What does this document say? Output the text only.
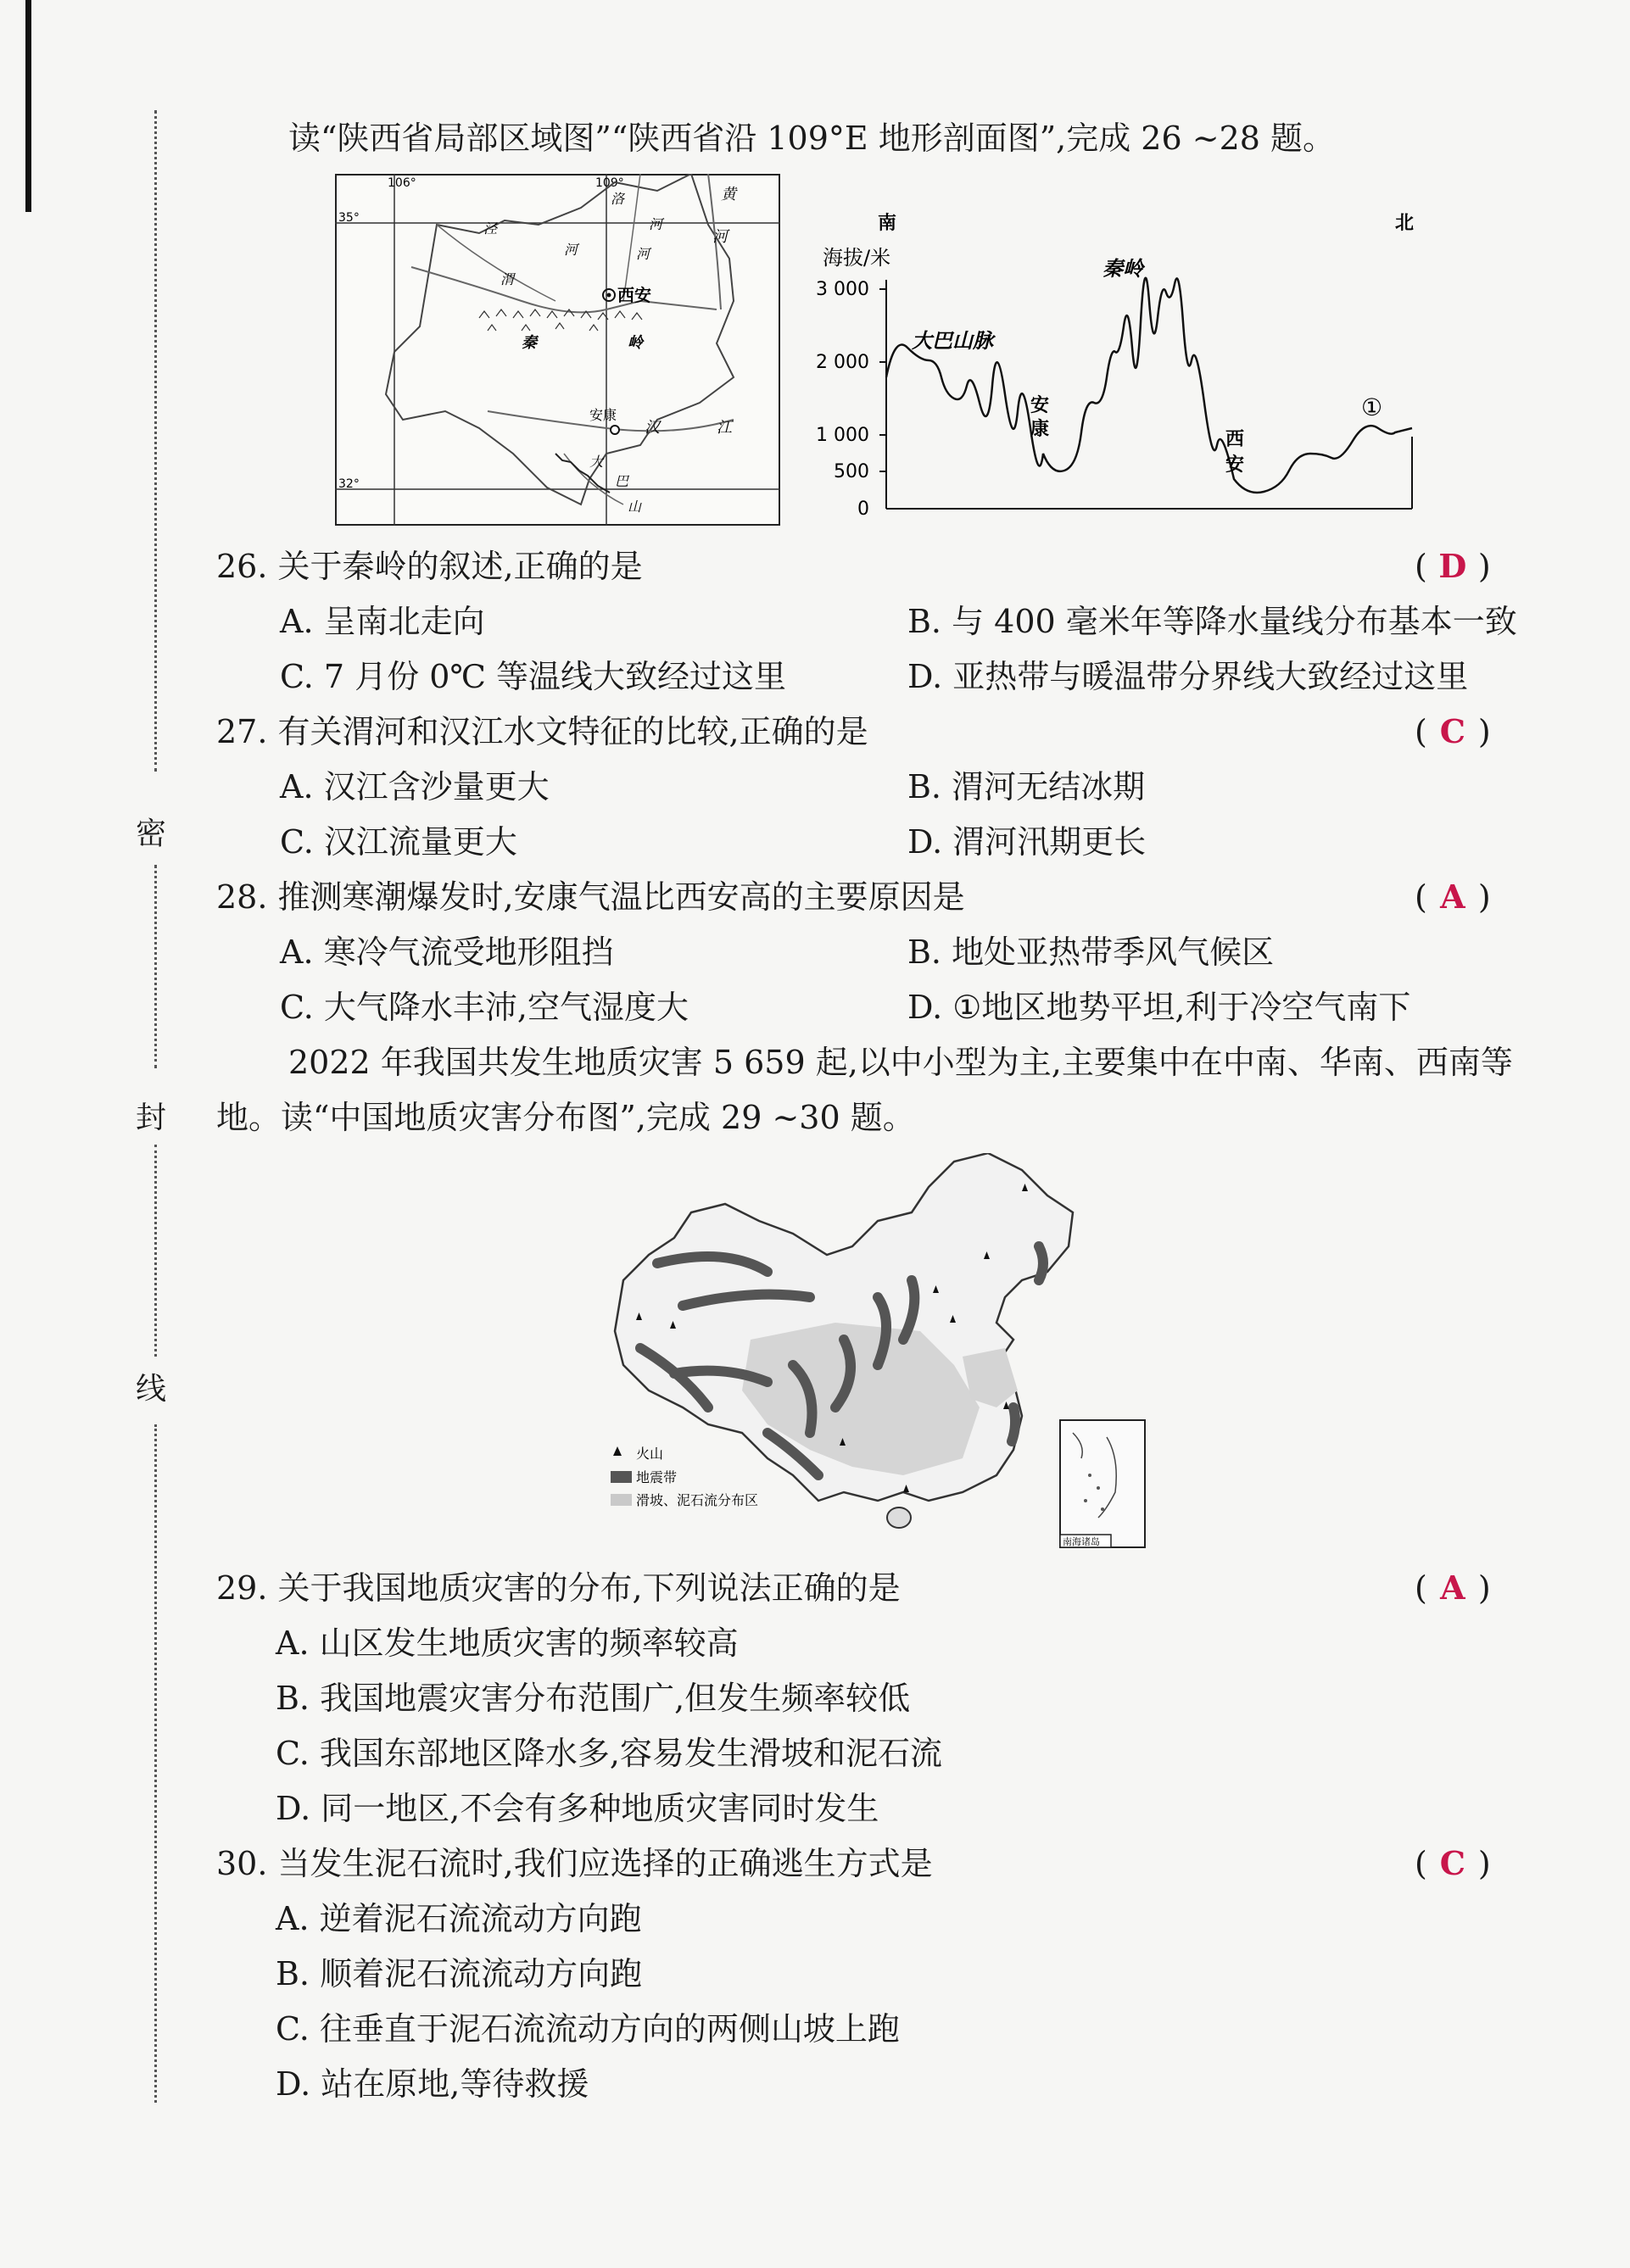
密
封
线
读“陕西省局部区域图”“陕西省沿 109°E 地形剖面图”,完成 26 ~28 题。
106°	109°
35°
32°
洛
河
黄
河
泾
河
渭
河
西安
秦	岭
安康
汉	江
大
巴
山
南	北
海拔/米
3 000
2 000
1 000
500
0
大巴山脉
秦岭
安
康	西
安
①
26. 关于秦岭的叙述,正确的是	( D )
A. 呈南北走向	B. 与 400 毫米年等降水量线分布基本一致
C. 7 月份 0℃ 等温线大致经过这里	D. 亚热带与暖温带分界线大致经过这里
27. 有关渭河和汉江水文特征的比较,正确的是	( C )
A. 汉江含沙量更大	B. 渭河无结冰期
C. 汉江流量更大	D. 渭河汛期更长
28. 推测寒潮爆发时,安康气温比西安高的主要原因是	( A )
A. 寒冷气流受地形阻挡	B. 地处亚热带季风气候区
C. 大气降水丰沛,空气湿度大	D. ①地区地势平坦,利于冷空气南下
2022 年我国共发生地质灾害 5 659 起,以中小型为主,主要集中在中南、华南、西南等
地。读“中国地质灾害分布图”,完成 29 ~30 题。
火山
地震带
滑坡、泥石流分布区
南海诸岛
29. 关于我国地质灾害的分布,下列说法正确的是	( A )
A. 山区发生地质灾害的频率较高
B. 我国地震灾害分布范围广,但发生频率较低
C. 我国东部地区降水多,容易发生滑坡和泥石流
D. 同一地区,不会有多种地质灾害同时发生
30. 当发生泥石流时,我们应选择的正确逃生方式是	( C )
A. 逆着泥石流流动方向跑
B. 顺着泥石流流动方向跑
C. 往垂直于泥石流流动方向的两侧山坡上跑
D. 站在原地,等待救援
